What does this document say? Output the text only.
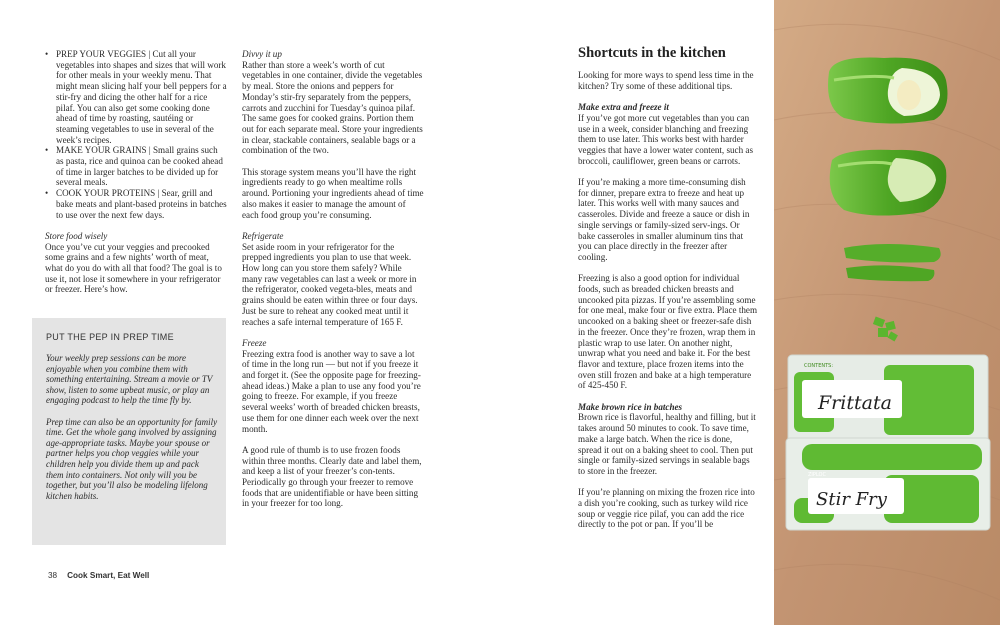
• PREP YOUR VEGGIES | Cut all your vegetables into shapes and sizes that will work for other meals in your weekly menu. That might mean slicing half your bell peppers for a stir-fry and dicing the other half for a rice pilaf. You can also get some cooking done ahead of time by roasting, sautéing or steaming vegetables to use in several of the week’s recipes.
• MAKE YOUR GRAINS | Small grains such as pasta, rice and quinoa can be cooked ahead of time in larger batches to be divided up for several meals.
• COOK YOUR PROTEINS | Sear, grill and bake meats and plant-based proteins in batches to use over the next few days.
Store food wisely

Once you’ve cut your veggies and precooked some grains and a few nights’ worth of meat, what do you do with all that food? The goal is to use it, not lose it somewhere in your refrigerator or freezer. Here’s how.

PUT THE PEP IN PREP TIME

Your weekly prep sessions can be more enjoyable when you combine them with something entertaining. Stream a movie or TV show, listen to some upbeat music, or play an engaging podcast to help the time fly by.

Prep time can also be an opportunity for family time. Get the whole gang involved by assigning age-appropriate tasks. Maybe your spouse or partner helps you chop veggies while your children help you divide them up and pack them into containers. Not only will you be together, but you’ll also be modeling lifelong kitchen habits.

38 Cook Smart, Eat Well
Divvy it up

Rather than store a week’s worth of cut vegetables in one container, divide the vegetables by meal. Store the onions and peppers for Monday’s stir-fry separately from the peppers, carrots and zucchini for Tuesday’s quinoa pilaf. The same goes for cooked grains. Portion them out for each separate meal. Store your ingredients in clear, stackable containers, sealable bags or a combination of the two.

This storage system means you’ll have the right ingredients ready to go when mealtime rolls around. Portioning your ingredients ahead of time also makes it easier to manage the amount of each food group you’re consuming.

Refrigerate

Set aside room in your refrigerator for the prepped ingredients you plan to use that week. How long can you store them safely? While many raw vegetables can last a week or more in the refrigerator, cooked vegeta-bles, meats and grains should be eaten within three or four days. Just be sure to reheat any cooked meat until it reaches a safe internal temperature of 165 F.

Freeze

Freezing extra food is another way to save a lot of time in the long run — but not if you freeze it and forget it. (See the opposite page for freezing-ahead ideas.) Make a plan to use any food you’re going to freeze. For example, if you freeze several weeks’ worth of breaded chicken breasts, use them for one dinner each week over the next month.

A good rule of thumb is to use frozen foods within three months. Clearly date and label them, and keep a list of your freezer’s con-tents. Periodically go through your freezer to remove foods that are unidentifiable or have been sitting in your freezer for too long.

Shortcuts in the kitchen

Looking for more ways to spend less time in the kitchen? Try some of these additional tips.

Make extra and freeze it

If you’ve got more cut vegetables than you can use in a week, consider blanching and freezing them to use later. This works best with harder veggies that have a lower water content, such as broccoli, cauliflower, green beans or carrots.

If you’re making a more time-consuming dish for dinner, prepare extra to freeze and heat up later. This works well with many sauces and casseroles. Divide and freeze a sauce or dish in single servings or family-sized serv-ings. Or bake casseroles in smaller aluminum tins that you can place directly in the freezer after cooling.

Freezing is also a good option for individual foods, such as breaded chicken breasts and uncooked pita pizzas. If you’re assembling some for one meal, make four or five extra. Place them uncooked on a baking sheet or freezer-safe dish in the freezer. Once they’re frozen, wrap them in plastic wrap to use later. On another night, unwrap what you need and bake it. For the best flavor and texture, place frozen items into the oven still frozen and bake at a high temperature of 425-450 F.

Make brown rice in batches

Brown rice is flavorful, healthy and filling, but it takes around 50 minutes to cook. To save time, make a large batch. When the rice is done, spread it out on a baking sheet to cool. Then put single or family-sized servings in sealable bags to store in the freezer.

If you’re planning on mixing the frozen rice into a dish you’re cooking, such as turkey wild rice soup or veggie rice pilaf, you can add the rice directly to the pot or pan. If you’ll be

Frittata
CONTENTS:
ZIPLOC
Stir Fry
